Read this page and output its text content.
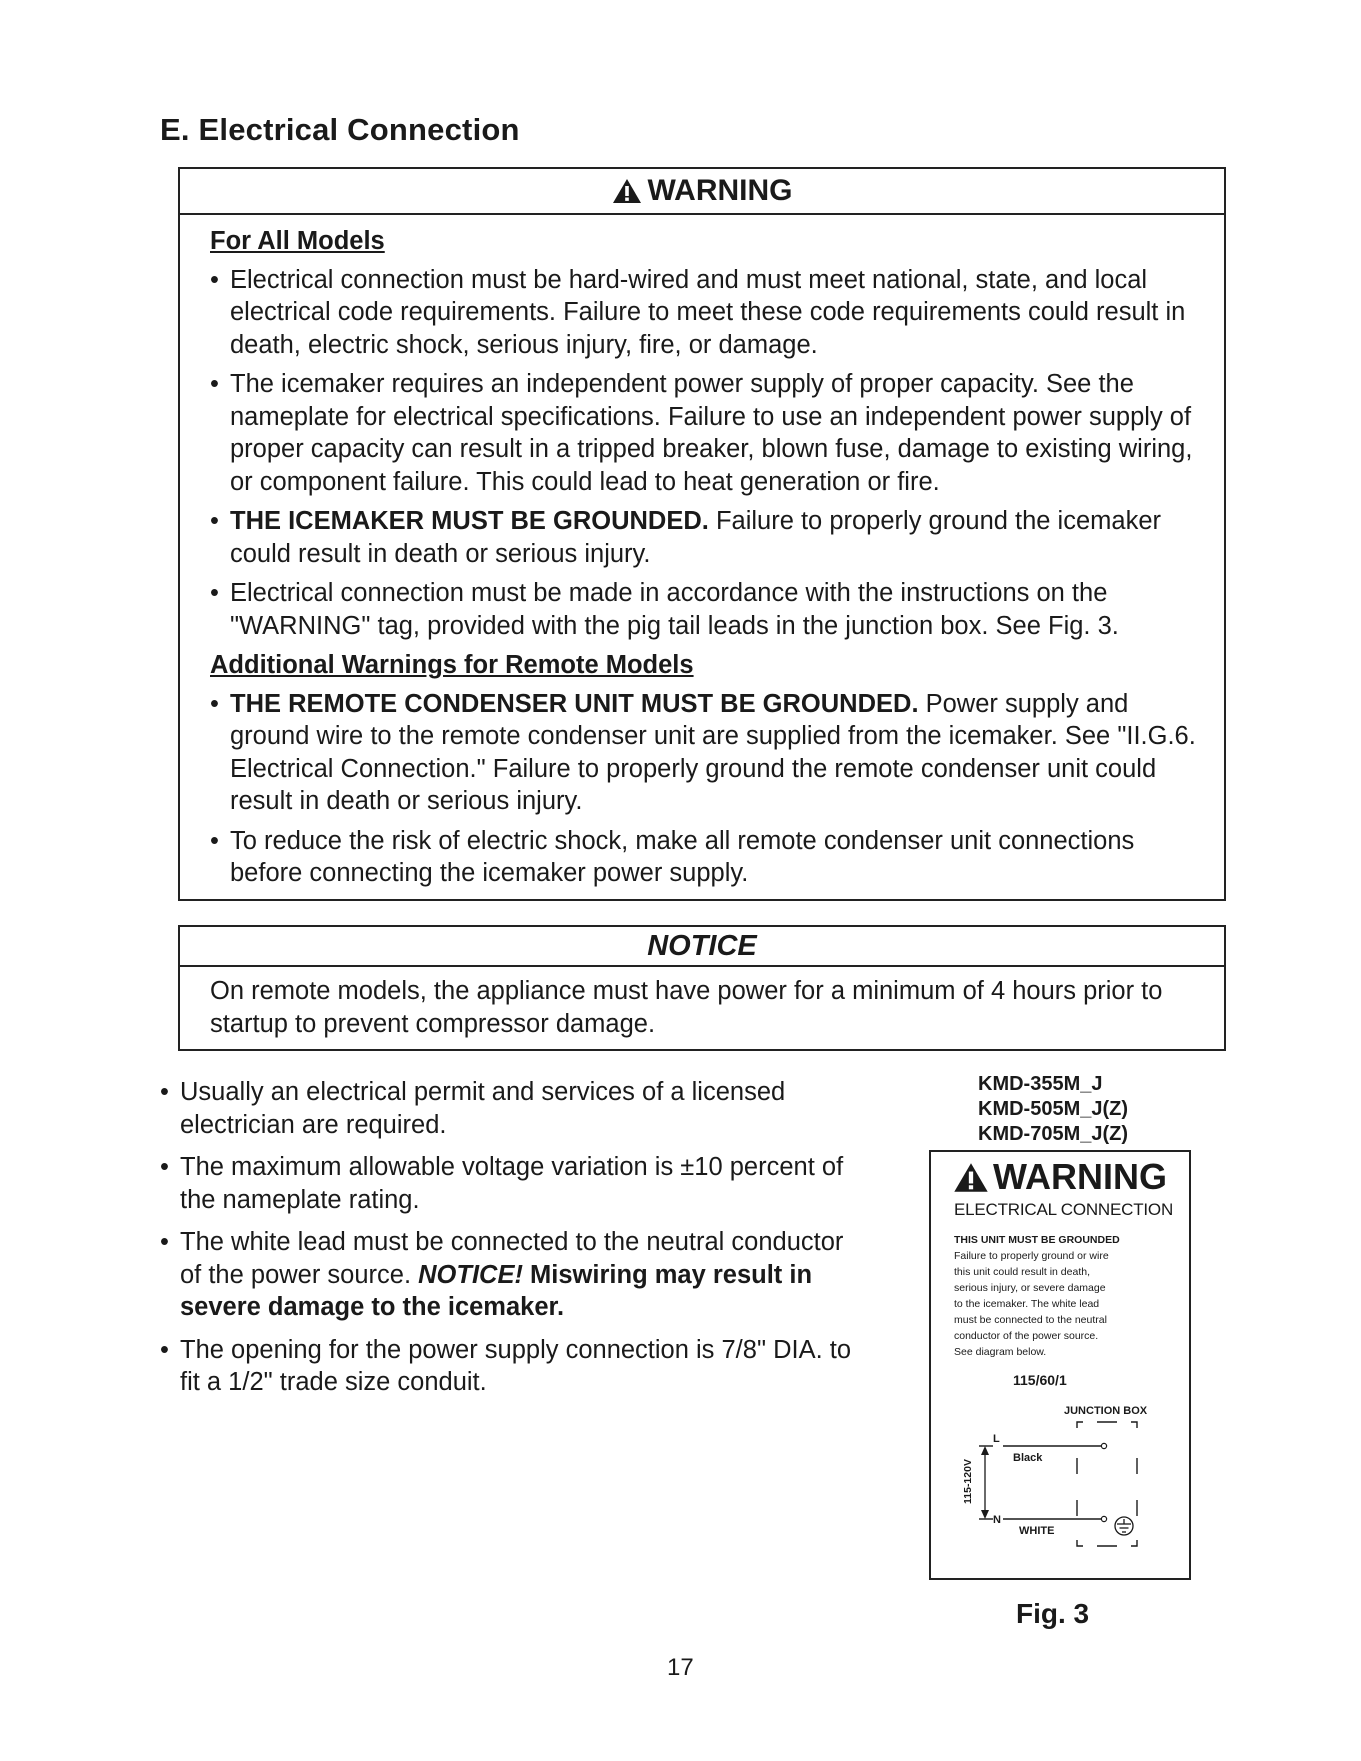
E. Electrical Connection
WARNING
For All Models
• Electrical connection must be hard-wired and must meet national, state, and local electrical code requirements. Failure to meet these code requirements could result in death, electric shock, serious injury, fire, or damage.
• The icemaker requires an independent power supply of proper capacity. See the nameplate for electrical specifications. Failure to use an independent power supply of proper capacity can result in a tripped breaker, blown fuse, damage to existing wiring, or component failure. This could lead to heat generation or fire.
• THE ICEMAKER MUST BE GROUNDED. Failure to properly ground the icemaker could result in death or serious injury.
• Electrical connection must be made in accordance with the instructions on the "WARNING" tag, provided with the pig tail leads in the junction box. See Fig. 3.
Additional Warnings for Remote Models
• THE REMOTE CONDENSER UNIT MUST BE GROUNDED. Power supply and ground wire to the remote condenser unit are supplied from the icemaker. See "II.G.6. Electrical Connection." Failure to properly ground the remote condenser unit could result in death or serious injury.
• To reduce the risk of electric shock, make all remote condenser unit connections before connecting the icemaker power supply.
NOTICE
On remote models, the appliance must have power for a minimum of 4 hours prior to startup to prevent compressor damage.
• Usually an electrical permit and services of a licensed electrician are required.
• The maximum allowable voltage variation is ±10 percent of the nameplate rating.
• The white lead must be connected to the neutral conductor of the power source. NOTICE! Miswiring may result in severe damage to the icemaker.
• The opening for the power supply connection is 7/8" DIA. to fit a 1/2" trade size conduit.
KMD-355M_J
KMD-505M_J(Z)
KMD-705M_J(Z)
WARNING
ELECTRICAL CONNECTION
THIS UNIT MUST BE GROUNDED
Failure to properly ground or wire
this unit could result in death,
serious injury, or severe damage
to the icemaker. The white lead
must be connected to the neutral
conductor of the power source.
See diagram below.
115/60/1
JUNCTION BOX
L
Black
N
WHITE
115-120V
Fig. 3
17
